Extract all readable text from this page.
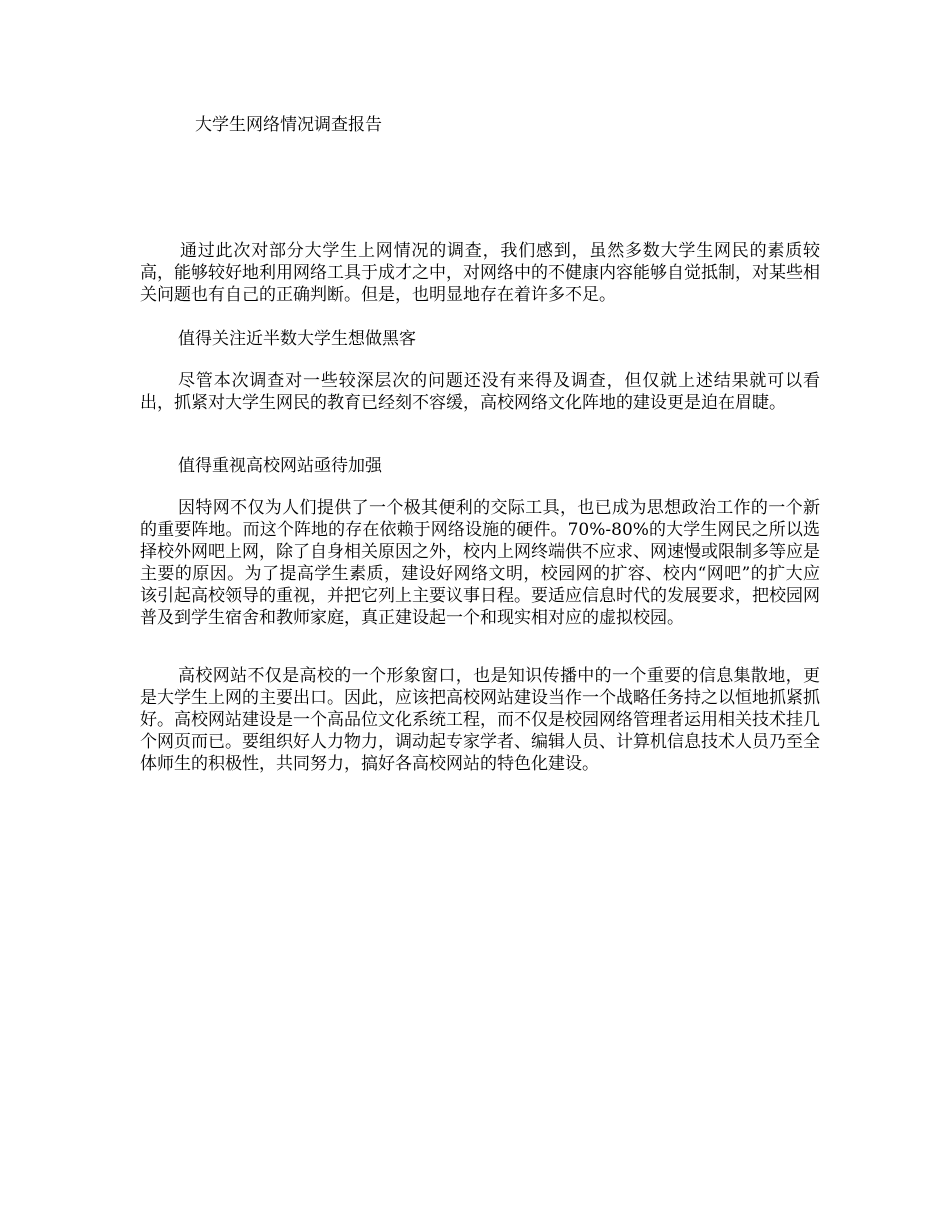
大学生网络情况调查报告

通过此次对部分大学生上网情况的调查，我们感到，虽然多数大学生网民的素质较高，能够较好地利用网络工具于成才之中，对网络中的不健康内容能够自觉抵制，对某些相关问题也有自己的正确判断。但是，也明显地存在着许多不足。

值得关注近半数大学生想做黑客

尽管本次调查对一些较深层次的问题还没有来得及调查，但仅就上述结果就可以看出，抓紧对大学生网民的教育已经刻不容缓，高校网络文化阵地的建设更是迫在眉睫。

值得重视高校网站亟待加强

因特网不仅为人们提供了一个极其便利的交际工具，也已成为思想政治工作的一个新的重要阵地。而这个阵地的存在依赖于网络设施的硬件。70%-80%的大学生网民之所以选择校外网吧上网，除了自身相关原因之外，校内上网终端供不应求、网速慢或限制多等应是主要的原因。为了提高学生素质，建设好网络文明，校园网的扩容、校内“网吧”的扩大应该引起高校领导的重视，并把它列上主要议事日程。要适应信息时代的发展要求，把校园网普及到学生宿舍和教师家庭，真正建设起一个和现实相对应的虚拟校园。

高校网站不仅是高校的一个形象窗口，也是知识传播中的一个重要的信息集散地，更是大学生上网的主要出口。因此，应该把高校网站建设当作一个战略任务持之以恒地抓紧抓好。高校网站建设是一个高品位文化系统工程，而不仅是校园网络管理者运用相关技术挂几个网页而已。要组织好人力物力，调动起专家学者、编辑人员、计算机信息技术人员乃至全体师生的积极性，共同努力，搞好各高校网站的特色化建设。
